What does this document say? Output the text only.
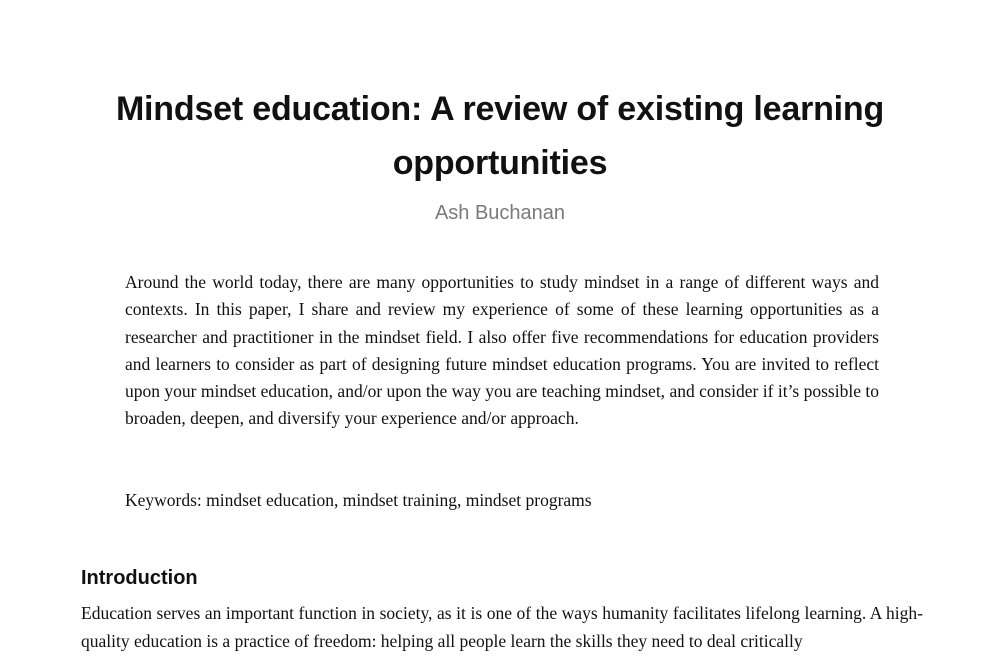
Mindset education: A review of existing learning opportunities
Ash Buchanan

Around the world today, there are many opportunities to study mindset in a range of different ways and contexts. In this paper, I share and review my experience of some of these learning opportunities as a researcher and practitioner in the mindset field. I also offer five recommendations for education providers and learners to consider as part of designing future mindset education programs. You are invited to reflect upon your mindset education, and/or upon the way you are teaching mindset, and consider if it’s possible to broaden, deepen, and diversify your experience and/or approach.

Keywords: mindset education, mindset training, mindset programs

Introduction

Education serves an important function in society, as it is one of the ways humanity facilitates lifelong learning. A high-quality education is a practice of freedom: helping all people learn the skills they need to deal critically
